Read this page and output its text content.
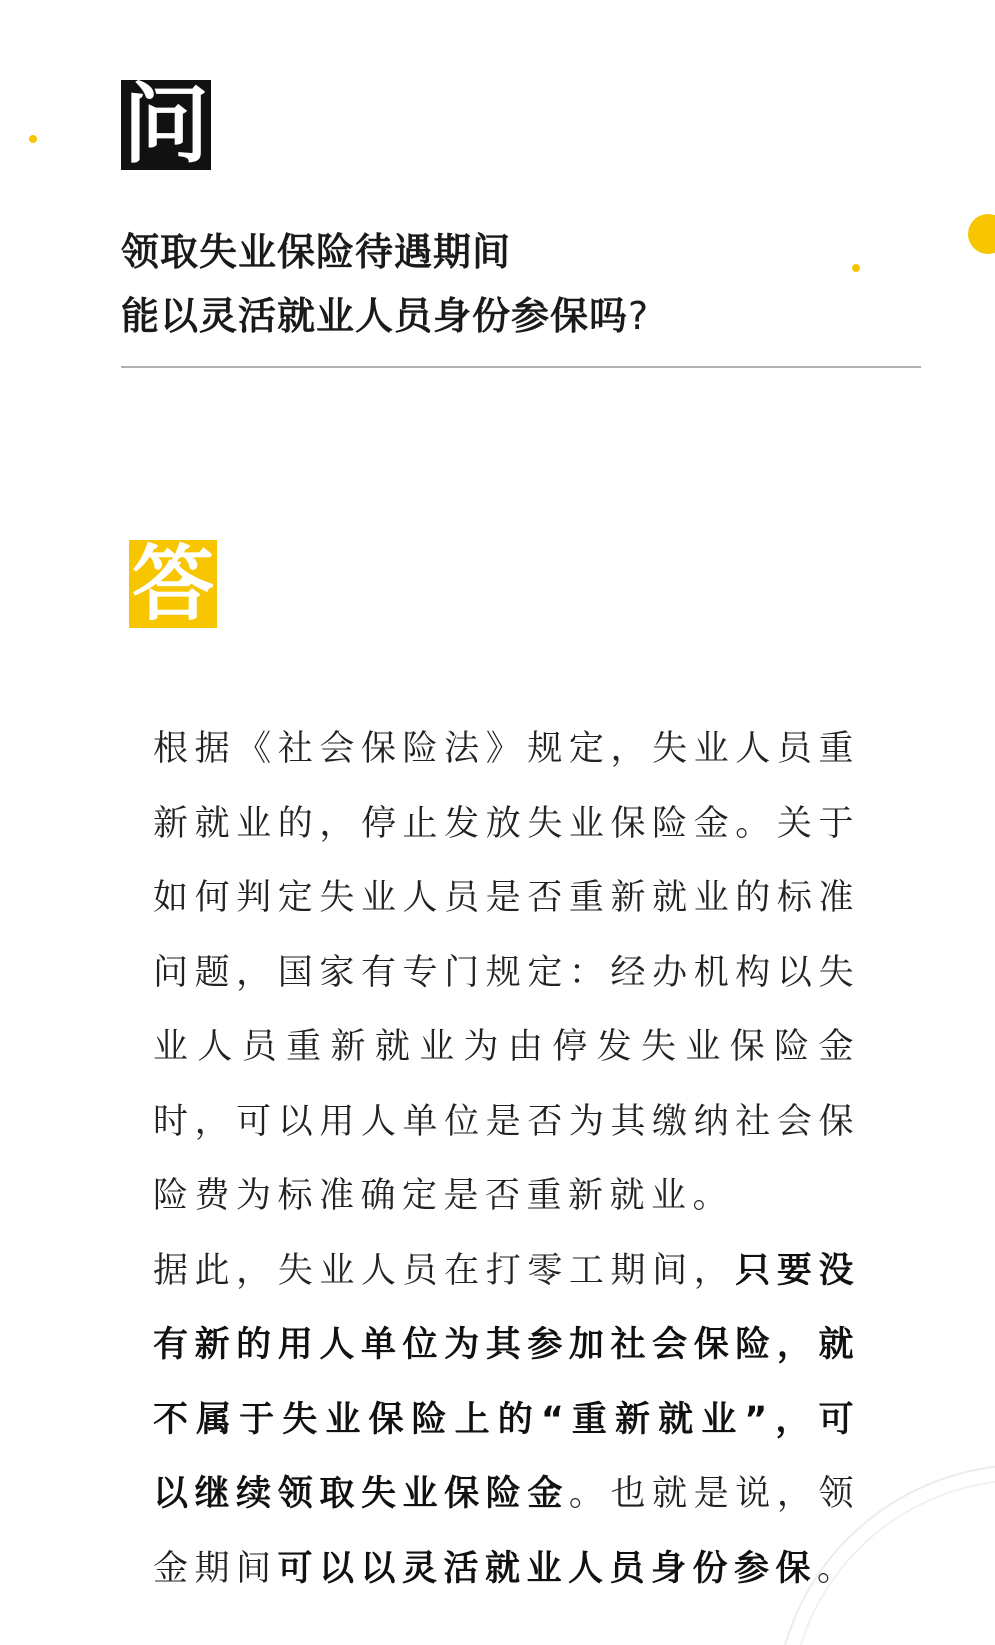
问
领取失业保险待遇期间
能以灵活就业人员身份参保吗?
答

根据《社会保险法》规定，失业人员重新就业的，停止发放失业保险金。关于如何判定失业人员是否重新就业的标准问题，国家有专门规定：经办机构以失业人员重新就业为由停发失业保险金时，可以用人单位是否为其缴纳社会保险费为标准确定是否重新就业。

据此，失业人员在打零工期间，只要没有新的用人单位为其参加社会保险，就不属于失业保险上的“重新就业”，可以继续领取失业保险金。也就是说，领金期间可以以灵活就业人员身份参保。
